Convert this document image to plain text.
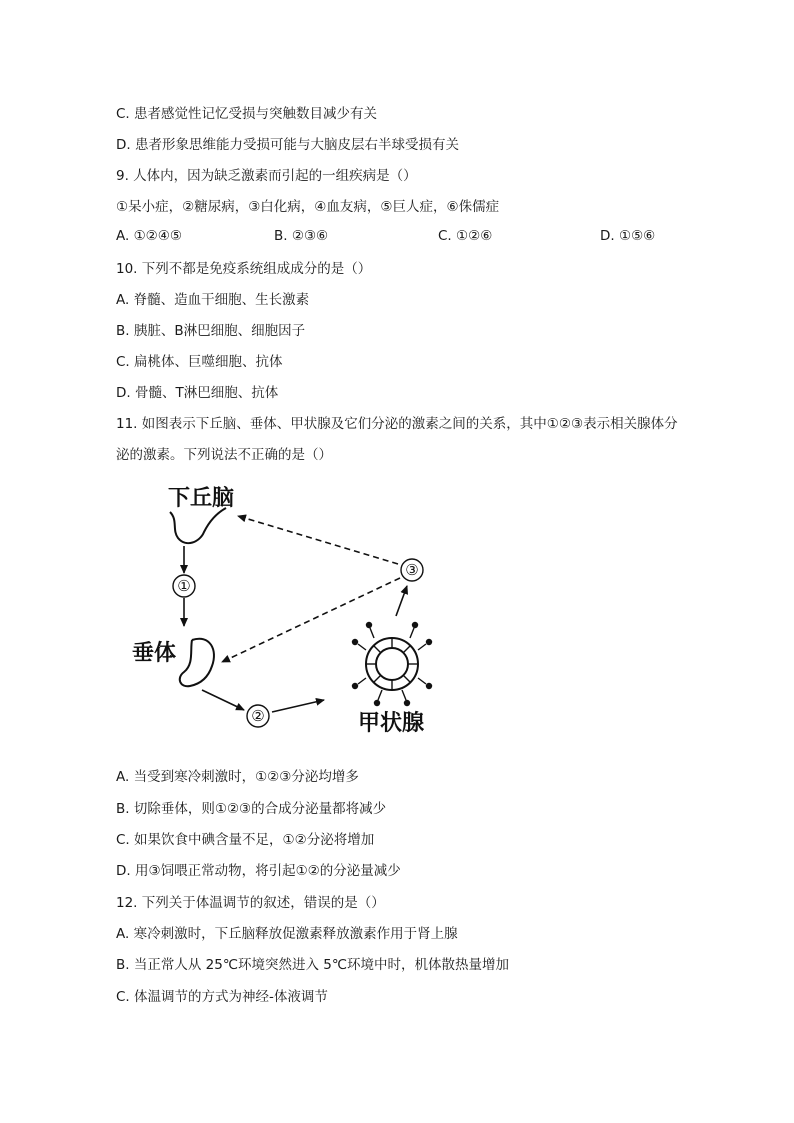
C. 患者感觉性记忆受损与突触数目减少有关
D. 患者形象思维能力受损可能与大脑皮层右半球受损有关
9. 人体内，因为缺乏激素而引起的一组疾病是（）
①呆小症，②糖尿病，③白化病，④血友病，⑤巨人症，⑥侏儒症
A. ①②④⑤	B. ②③⑥	C. ①②⑥	D. ①⑤⑥
10. 下列不都是免疫系统组成成分的是（）
A. 脊髓、造血干细胞、生长激素
B. 胰脏、B淋巴细胞、细胞因子
C. 扁桃体、巨噬细胞、抗体
D. 骨髓、T淋巴细胞、抗体
11. 如图表示下丘脑、垂体、甲状腺及它们分泌的激素之间的关系，其中①②③表示相关腺体分
泌的激素。下列说法不正确的是（）
下丘脑
①
垂体
②	甲状腺
③
A. 当受到寒冷刺激时，①②③分泌均增多
B. 切除垂体，则①②③的合成分泌量都将减少
C. 如果饮食中碘含量不足，①②分泌将增加
D. 用③饲喂正常动物，将引起①②的分泌量减少
12. 下列关于体温调节的叙述，错误的是（）
A. 寒冷刺激时，下丘脑释放促激素释放激素作用于肾上腺
B. 当正常人从 25℃环境突然进入 5℃环境中时，机体散热量增加
C. 体温调节的方式为神经-体液调节
